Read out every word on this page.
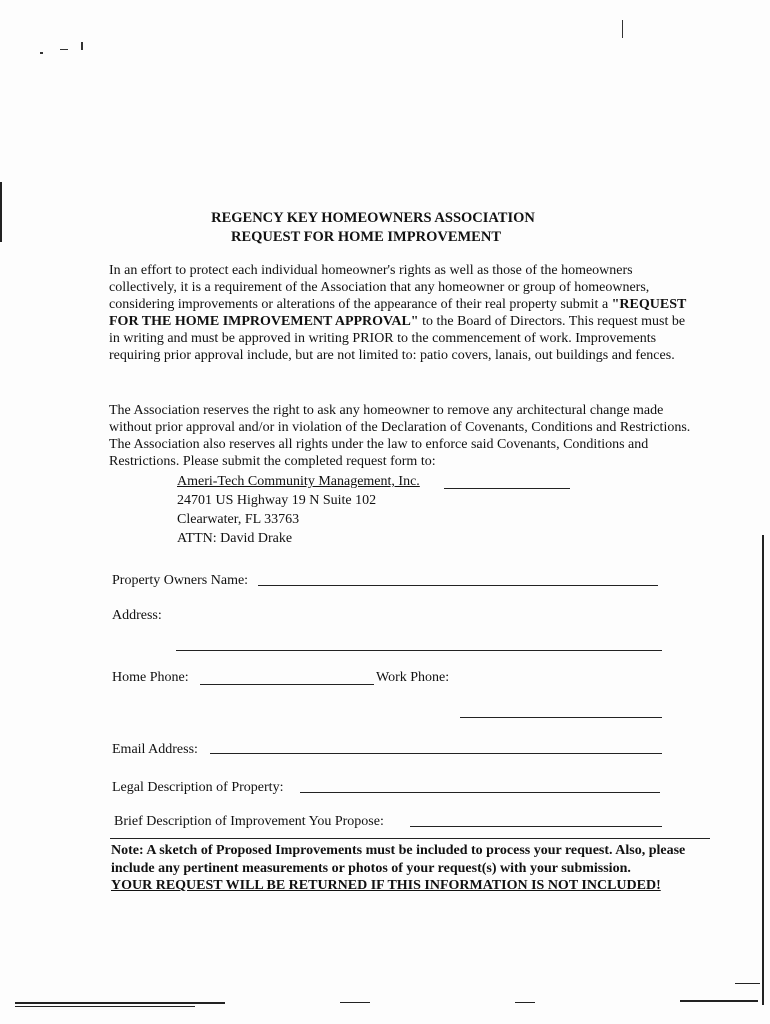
REGENCY KEY HOMEOWNERS ASSOCIATION
REQUEST FOR HOME IMPROVEMENT
In an effort to protect each individual homeowner's rights as well as those of the homeowners collectively, it is a requirement of the Association that any homeowner or group of homeowners, considering improvements or alterations of the appearance of their real property submit a "REQUEST FOR THE HOME IMPROVEMENT APPROVAL" to the Board of Directors. This request must be in writing and must be approved in writing PRIOR to the commencement of work. Improvements requiring prior approval include, but are not limited to: patio covers, lanais, out buildings and fences.
The Association reserves the right to ask any homeowner to remove any architectural change made without prior approval and/or in violation of the Declaration of Covenants, Conditions and Restrictions. The Association also reserves all rights under the law to enforce said Covenants, Conditions and Restrictions. Please submit the completed request form to:
Ameri-Tech Community Management, Inc.
24701 US Highway 19 N Suite 102
Clearwater, FL 33763
ATTN: David Drake
Property Owners Name:
Address:
Home Phone:	Work Phone:
Email Address:
Legal Description of Property:
Brief Description of Improvement You Propose:
Note: A sketch of Proposed Improvements must be included to process your request. Also, please include any pertinent measurements or photos of your request(s) with your submission.
YOUR REQUEST WILL BE RETURNED IF THIS INFORMATION IS NOT INCLUDED!
